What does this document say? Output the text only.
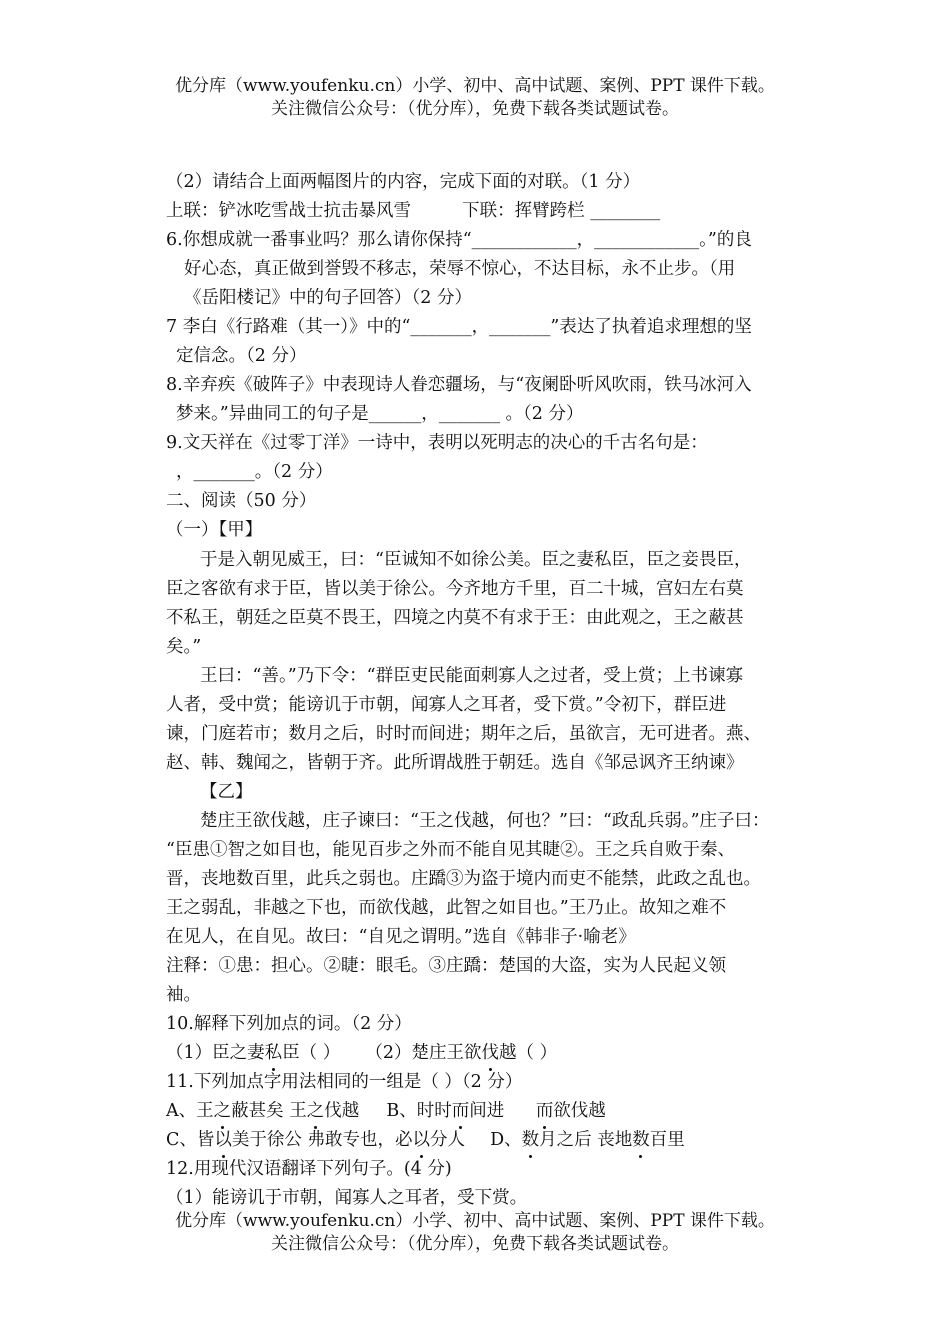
优分库（www.youfenku.cn）小学、初中、高中试题、案例、PPT 课件下载。
关注微信公众号：（优分库），免费下载各类试题试卷。
（2）请结合上面两幅图片的内容，完成下面的对联。（1 分）
上联：铲冰吃雪战士抗击暴风雪	下联：挥臂跨栏 ________
6.你想成就一番事业吗？那么请你保持“____________，____________。”的良
好心态，真正做到誉毁不移志，荣辱不惊心，不达目标，永不止步。（用
《岳阳楼记》中的句子回答）（2 分）
7 李白《行路难（其一）》中的“_______，_______”表达了执着追求理想的坚
定信念。（2 分）
8.辛弃疾《破阵子》中表现诗人眷恋疆场，与“夜阑卧听风吹雨，铁马冰河入
梦来。”异曲同工的句子是______，_______ 。（2 分）
9.文天祥在《过零丁洋》一诗中，表明以死明志的决心的千古名句是：
，_______。（2 分）
二、阅读（50 分）
（一）【甲】
于是入朝见威王，曰：“臣诚知不如徐公美。臣之妻私臣，臣之妾畏臣，
臣之客欲有求于臣，皆以美于徐公。今齐地方千里，百二十城，宫妇左右莫
不私王，朝廷之臣莫不畏王，四境之内莫不有求于王：由此观之，王之蔽甚
矣。”
王曰：“善。”乃下令：“群臣吏民能面刺寡人之过者，受上赏；上书谏寡
人者，受中赏；能谤讥于市朝，闻寡人之耳者，受下赏。”令初下，群臣进
谏，门庭若市；数月之后，时时而间进；期年之后，虽欲言，无可进者。燕、
赵、韩、魏闻之，皆朝于齐。此所谓战胜于朝廷。选自《邹忌讽齐王纳谏》
【乙】
楚庄王欲伐越，庄子谏曰：“王之伐越，何也？”曰：“政乱兵弱。”庄子曰：
“臣患①智之如目也，能见百步之外而不能自见其睫②。王之兵自败于秦、
晋，丧地数百里，此兵之弱也。庄蹻③为盗于境内而吏不能禁，此政之乱也。
王之弱乱，非越之下也，而欲伐越，此智之如目也。”王乃止。故知之难不
在见人，在自见。故曰：“自见之谓明。”选自《韩非子·喻老》
注释：①患：担心。②睫：眼毛。③庄蹻：楚国的大盗，实为人民起义领
袖。
10.解释下列加点的词。（2 分）
（1）臣之妻私臣（ ） （2）楚庄王欲伐越（ ）
11.下列加点字用法相同的一组是（ ）（2 分）
A、王之蔽甚矣 王之伐越 B、时时而间进 而欲伐越
C、皆以美于徐公 弗敢专也，必以分人 D、数月之后 丧地数百里
12.用现代汉语翻译下列句子。(4 分)
（1）能谤讥于市朝，闻寡人之耳者，受下赏。
优分库（www.youfenku.cn）小学、初中、高中试题、案例、PPT 课件下载。
关注微信公众号：（优分库），免费下载各类试题试卷。
